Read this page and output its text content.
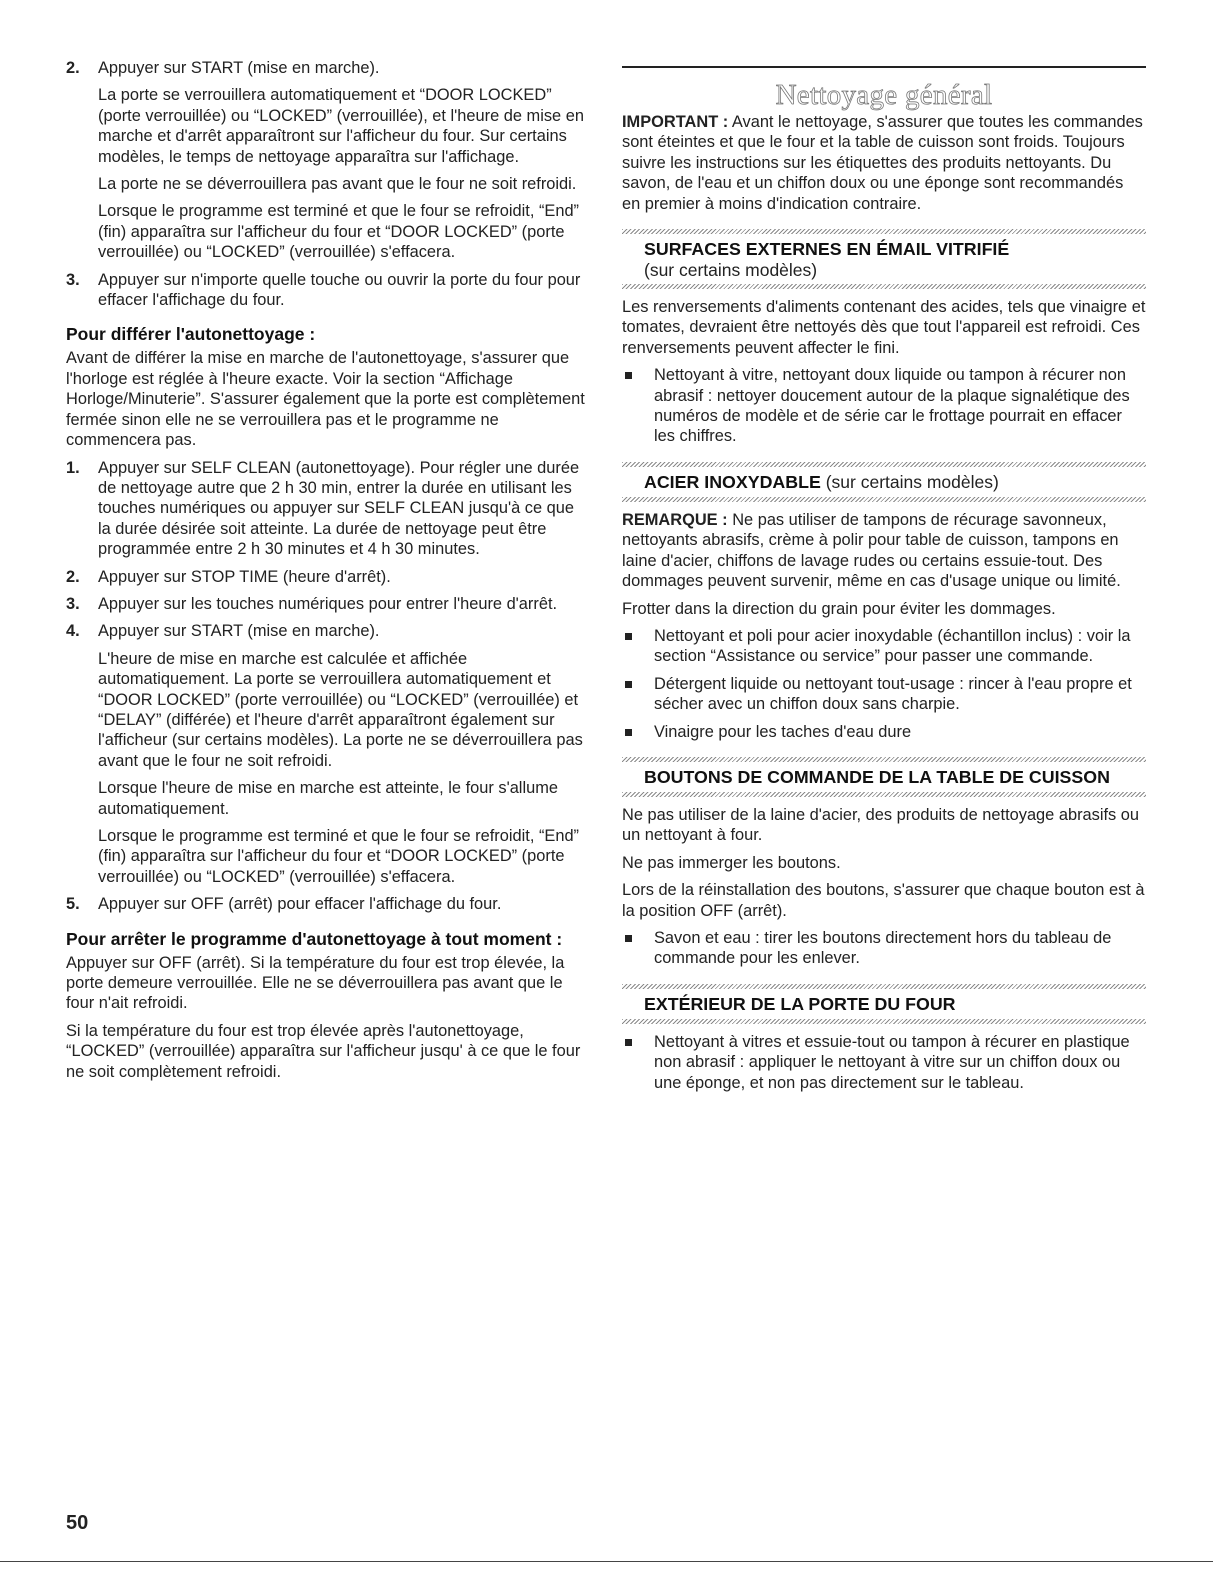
2. Appuyer sur START (mise en marche).

La porte se verrouillera automatiquement et “DOOR LOCKED” (porte verrouillée) ou “LOCKED” (verrouillée), et l'heure de mise en marche et d'arrêt apparaîtront sur l'afficheur du four. Sur certains modèles, le temps de nettoyage apparaîtra sur l'affichage.

La porte ne se déverrouillera pas avant que le four ne soit refroidi.

Lorsque le programme est terminé et que le four se refroidit, “End” (fin) apparaîtra sur l'afficheur du four et “DOOR LOCKED” (porte verrouillée) ou “LOCKED” (verrouillée) s'effacera.

3. Appuyer sur n'importe quelle touche ou ouvrir la porte du four pour effacer l'affichage du four.

Pour différer l'autonettoyage :

Avant de différer la mise en marche de l'autonettoyage, s'assurer que l'horloge est réglée à l'heure exacte. Voir la section “Affichage Horloge/Minuterie”. S'assurer également que la porte est complètement fermée sinon elle ne se verrouillera pas et le programme ne commencera pas.

1. Appuyer sur SELF CLEAN (autonettoyage). Pour régler une durée de nettoyage autre que 2 h 30 min, entrer la durée en utilisant les touches numériques ou appuyer sur SELF CLEAN jusqu'à ce que la durée désirée soit atteinte. La durée de nettoyage peut être programmée entre 2 h 30 minutes et 4 h 30 minutes.

2. Appuyer sur STOP TIME (heure d'arrêt).

3. Appuyer sur les touches numériques pour entrer l'heure d'arrêt.

4. Appuyer sur START (mise en marche).

L'heure de mise en marche est calculée et affichée automatiquement. La porte se verrouillera automatiquement et “DOOR LOCKED” (porte verrouillée) ou “LOCKED” (verrouillée) et “DELAY” (différée) et l'heure d'arrêt apparaîtront également sur l'afficheur (sur certains modèles). La porte ne se déverrouillera pas avant que le four ne soit refroidi.

Lorsque l'heure de mise en marche est atteinte, le four s'allume automatiquement.

Lorsque le programme est terminé et que le four se refroidit, “End” (fin) apparaîtra sur l'afficheur du four et “DOOR LOCKED” (porte verrouillée) ou “LOCKED” (verrouillée) s'effacera.

5. Appuyer sur OFF (arrêt) pour effacer l'affichage du four.

Pour arrêter le programme d'autonettoyage à tout moment :

Appuyer sur OFF (arrêt). Si la température du four est trop élevée, la porte demeure verrouillée. Elle ne se déverrouillera pas avant que le four n'ait refroidi.

Si la température du four est trop élevée après l'autonettoyage, “LOCKED” (verrouillée) apparaîtra sur l'afficheur jusqu' à ce que le four ne soit complètement refroidi.

Nettoyage général

IMPORTANT : Avant le nettoyage, s'assurer que toutes les commandes sont éteintes et que le four et la table de cuisson sont froids. Toujours suivre les instructions sur les étiquettes des produits nettoyants. Du savon, de l'eau et un chiffon doux ou une éponge sont recommandés en premier à moins d'indication contraire.

SURFACES EXTERNES EN ÉMAIL VITRIFIÉ
(sur certains modèles)

Les renversements d'aliments contenant des acides, tels que vinaigre et tomates, devraient être nettoyés dès que tout l'appareil est refroidi. Ces renversements peuvent affecter le fini.

Nettoyant à vitre, nettoyant doux liquide ou tampon à récurer non abrasif : nettoyer doucement autour de la plaque signalétique des numéros de modèle et de série car le frottage pourrait en effacer les chiffres.

ACIER INOXYDABLE (sur certains modèles)

REMARQUE : Ne pas utiliser de tampons de récurage savonneux, nettoyants abrasifs, crème à polir pour table de cuisson, tampons en laine d'acier, chiffons de lavage rudes ou certains essuie-tout. Des dommages peuvent survenir, même en cas d'usage unique ou limité.

Frotter dans la direction du grain pour éviter les dommages.

Nettoyant et poli pour acier inoxydable (échantillon inclus) : voir la section “Assistance ou service” pour passer une commande.

Détergent liquide ou nettoyant tout-usage : rincer à l'eau propre et sécher avec un chiffon doux sans charpie.

Vinaigre pour les taches d'eau dure

BOUTONS DE COMMANDE DE LA TABLE DE CUISSON

Ne pas utiliser de la laine d'acier, des produits de nettoyage abrasifs ou un nettoyant à four.

Ne pas immerger les boutons.

Lors de la réinstallation des boutons, s'assurer que chaque bouton est à la position OFF (arrêt).

Savon et eau : tirer les boutons directement hors du tableau de commande pour les enlever.

EXTÉRIEUR DE LA PORTE DU FOUR

Nettoyant à vitres et essuie-tout ou tampon à récurer en plastique non abrasif : appliquer le nettoyant à vitre sur un chiffon doux ou une éponge, et non pas directement sur le tableau.

50
